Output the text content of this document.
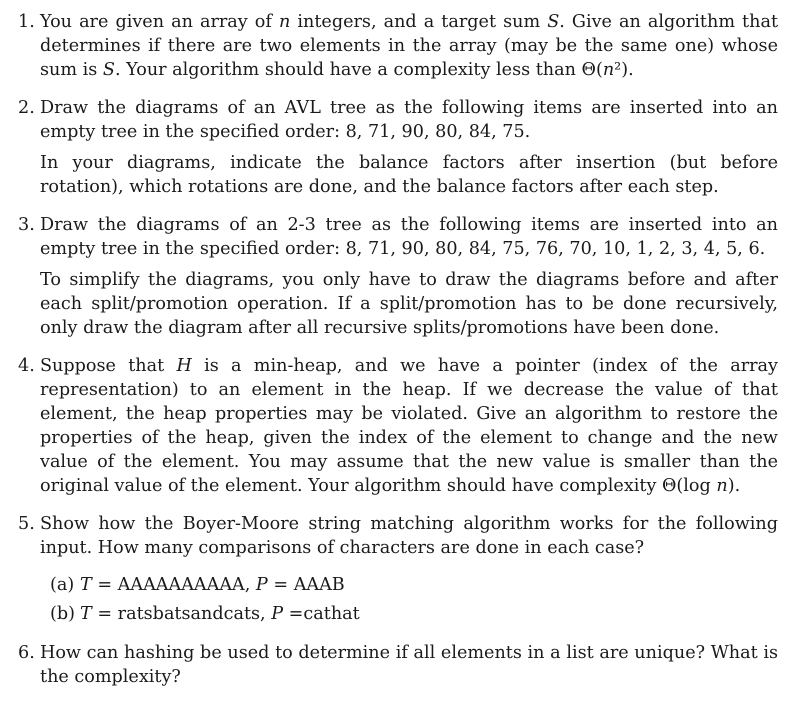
1. You are given an array of n integers, and a target sum S. Give an algorithm that determines if there are two elements in the array (may be the same one) whose sum is S. Your algorithm should have a complexity less than Θ(n²).

2. Draw the diagrams of an AVL tree as the following items are inserted into an empty tree in the specified order: 8, 71, 90, 80, 84, 75.

In your diagrams, indicate the balance factors after insertion (but before rotation), which rotations are done, and the balance factors after each step.

3. Draw the diagrams of an 2-3 tree as the following items are inserted into an empty tree in the specified order: 8, 71, 90, 80, 84, 75, 76, 70, 10, 1, 2, 3, 4, 5, 6.

To simplify the diagrams, you only have to draw the diagrams before and after each split/promotion operation. If a split/promotion has to be done recursively, only draw the diagram after all recursive splits/promotions have been done.

4. Suppose that H is a min-heap, and we have a pointer (index of the array representation) to an element in the heap. If we decrease the value of that element, the heap properties may be violated. Give an algorithm to restore the properties of the heap, given the index of the element to change and the new value of the element. You may assume that the new value is smaller than the original value of the element. Your algorithm should have complexity Θ(log n).

5. Show how the Boyer-Moore string matching algorithm works for the following input. How many comparisons of characters are done in each case?

(a) T = AAAAAAAAAA, P = AAAB
(b) T = ratsbatsandcats, P =cathat
6. How can hashing be used to determine if all elements in a list are unique? What is the complexity?
